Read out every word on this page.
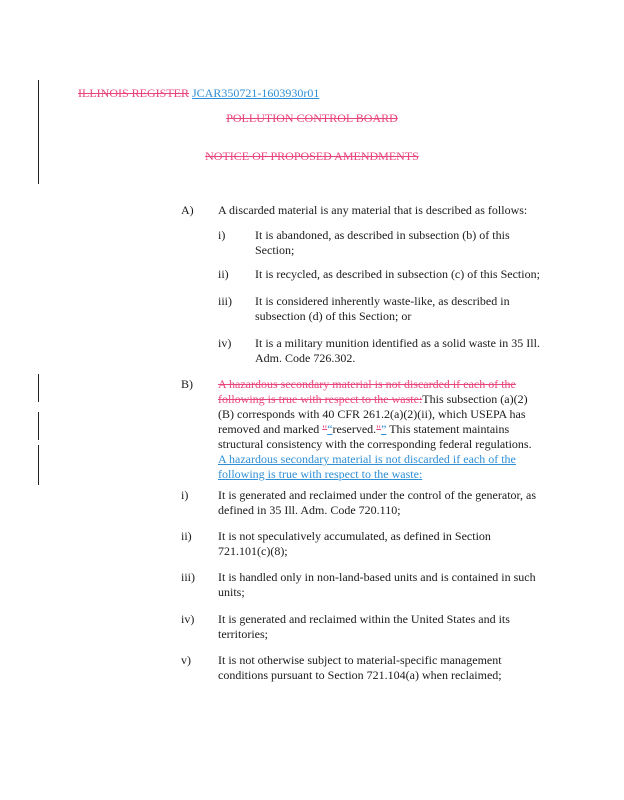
ILLINOIS REGISTER JCAR350721-1603930r01
POLLUTION CONTROL BOARD
NOTICE OF PROPOSED AMENDMENTS
A) A discarded material is any material that is described as follows:
i) It is abandoned, as described in subsection (b) of this Section;
ii) It is recycled, as described in subsection (c) of this Section;
iii) It is considered inherently waste-like, as described in subsection (d) of this Section; or
iv) It is a military munition identified as a solid waste in 35 Ill. Adm. Code 726.302.
B) A hazardous secondary material is not discarded if each of the following is true with respect to the waste:This subsection (a)(2)(B) corresponds with 40 CFR 261.2(a)(2)(ii), which USEPA has removed and marked "“reserved."” This statement maintains structural consistency with the corresponding federal regulations.
A hazardous secondary material is not discarded if each of the following is true with respect to the waste:
i) It is generated and reclaimed under the control of the generator, as defined in 35 Ill. Adm. Code 720.110;
ii) It is not speculatively accumulated, as defined in Section 721.101(c)(8);
iii) It is handled only in non-land-based units and is contained in such units;
iv) It is generated and reclaimed within the United States and its territories;
v) It is not otherwise subject to material-specific management conditions pursuant to Section 721.104(a) when reclaimed;
